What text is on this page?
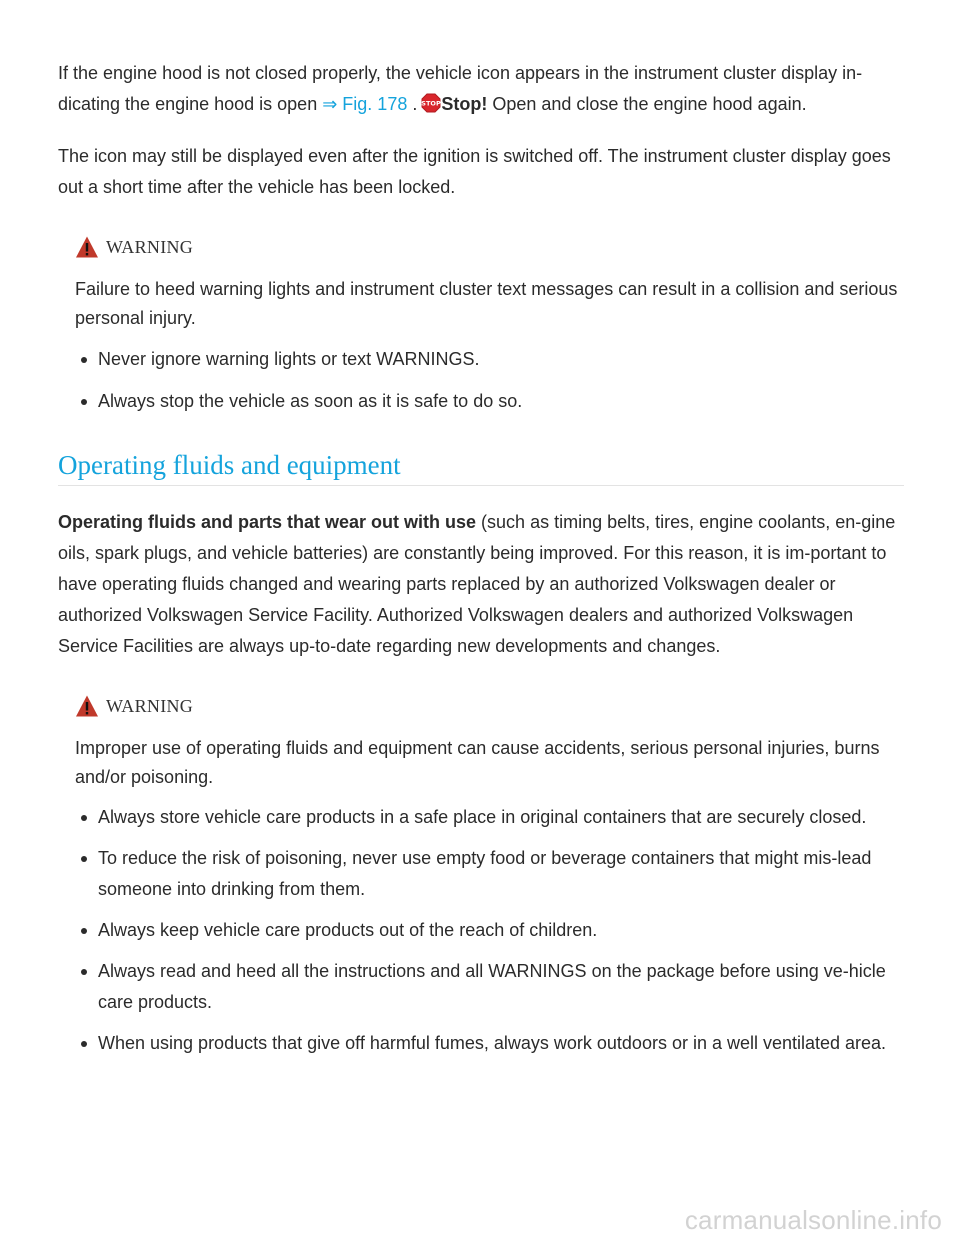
If the engine hood is not closed properly, the vehicle icon appears in the instrument cluster display in-dicating the engine hood is open ⇒ Fig. 178 . STOP Stop! Open and close the engine hood again.

The icon may still be displayed even after the ignition is switched off. The instrument cluster display goes out a short time after the vehicle has been locked.

WARNING

Failure to heed warning lights and instrument cluster text messages can result in a collision and serious personal injury.

Never ignore warning lights or text WARNINGS.
Always stop the vehicle as soon as it is safe to do so.
Operating fluids and equipment

Operating fluids and parts that wear out with use (such as timing belts, tires, engine coolants, en-gine oils, spark plugs, and vehicle batteries) are constantly being improved. For this reason, it is im-portant to have operating fluids changed and wearing parts replaced by an authorized Volkswagen dealer or authorized Volkswagen Service Facility. Authorized Volkswagen dealers and authorized Volkswagen Service Facilities are always up-to-date regarding new developments and changes.

WARNING

Improper use of operating fluids and equipment can cause accidents, serious personal injuries, burns and/or poisoning.

Always store vehicle care products in a safe place in original containers that are securely closed.
To reduce the risk of poisoning, never use empty food or beverage containers that might mis-lead someone into drinking from them.
Always keep vehicle care products out of the reach of children.
Always read and heed all the instructions and all WARNINGS on the package before using ve-hicle care products.
When using products that give off harmful fumes, always work outdoors or in a well ventilated area.
carmanualsonline.info
